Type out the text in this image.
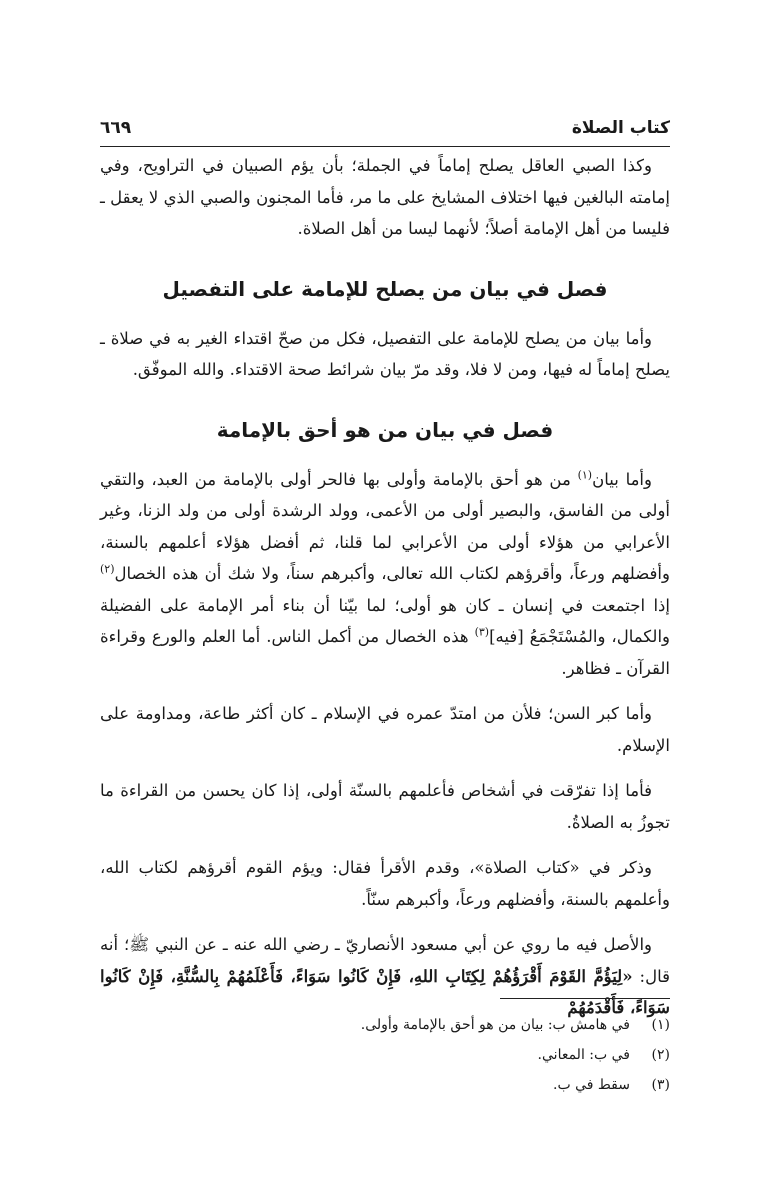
كتاب الصلاة
٦٦٩

وكذا الصبي العاقل يصلح إماماً في الجملة؛ بأن يؤم الصبيان في التراويح، وفي إمامته البالغين فيها اختلاف المشايخ على ما مر، فأما المجنون والصبي الذي لا يعقل ـ فليسا من أهل الإمامة أصلاً؛ لأنهما ليسا من أهل الصلاة.

فصل في بيان من يصلح للإمامة على التفصيل

وأما بيان من يصلح للإمامة على التفصيل، فكل من صحّ اقتداء الغير به في صلاة ـ يصلح إماماً له فيها، ومن لا فلا، وقد مرّ بيان شرائط صحة الاقتداء. والله الموفّق.

فصل في بيان من هو أحق بالإمامة

وأما بيان$^{(١)}$ من هو أحق بالإمامة وأولى بها فالحر أولى بالإمامة من العبد، والتقي أولى من الفاسق، والبصير أولى من الأعمى، وولد الرشدة أولى من ولد الزنا، وغير الأعرابي من هؤلاء أولى من الأعرابي لما قلنا، ثم أفضل هؤلاء أعلمهم بالسنة، وأفضلهم ورعاً، وأقرؤهم لكتاب الله تعالى، وأكبرهم سناً، ولا شك أن هذه الخصال$^{(٢)}$ إذا اجتمعت في إنسان ـ كان هو أولى؛ لما بيّنا أن بناء أمر الإمامة على الفضيلة والكمال، والمُسْتَجْمَعُ [فيه]$^{(٣)}$ هذه الخصال من أكمل الناس. أما العلم والورع وقراءة القرآن ـ فظاهر.

وأما كبر السن؛ فلأن من امتدّ عمره في الإسلام ـ كان أكثر طاعة، ومداومة على الإسلام.

فأما إذا تفرّقت في أشخاص فأعلمهم بالسنّة أولى، إذا كان يحسن من القراءة ما تجوزُ به الصلاةُ.

وذكر في «كتاب الصلاة»، وقدم الأقرأ فقال: ويؤم القوم أقرؤهم لكتاب الله، وأعلمهم بالسنة، وأفضلهم ورعاً، وأكبرهم سنّاً.

والأصل فيه ما روي عن أبي مسعود الأنصاريّ ـ رضي الله عنه ـ عن النبي ﷺ؛ أنه قال: «لِيَؤُمَّ القَوْمَ أَقْرَؤُهُمْ لِكِتَابِ اللهِ، فَإِنْ كَانُوا سَوَاءً، فَأَعْلَمُهُمْ بِالسُّنَّةِ، فَإِنْ كَانُوا سَوَاءً، فَأَقْدَمُهُمْ

(١)
في هامش ب: بيان من هو أحق بالإمامة وأولى.
(٢)
في ب: المعاني.
(٣)
سقط في ب.
